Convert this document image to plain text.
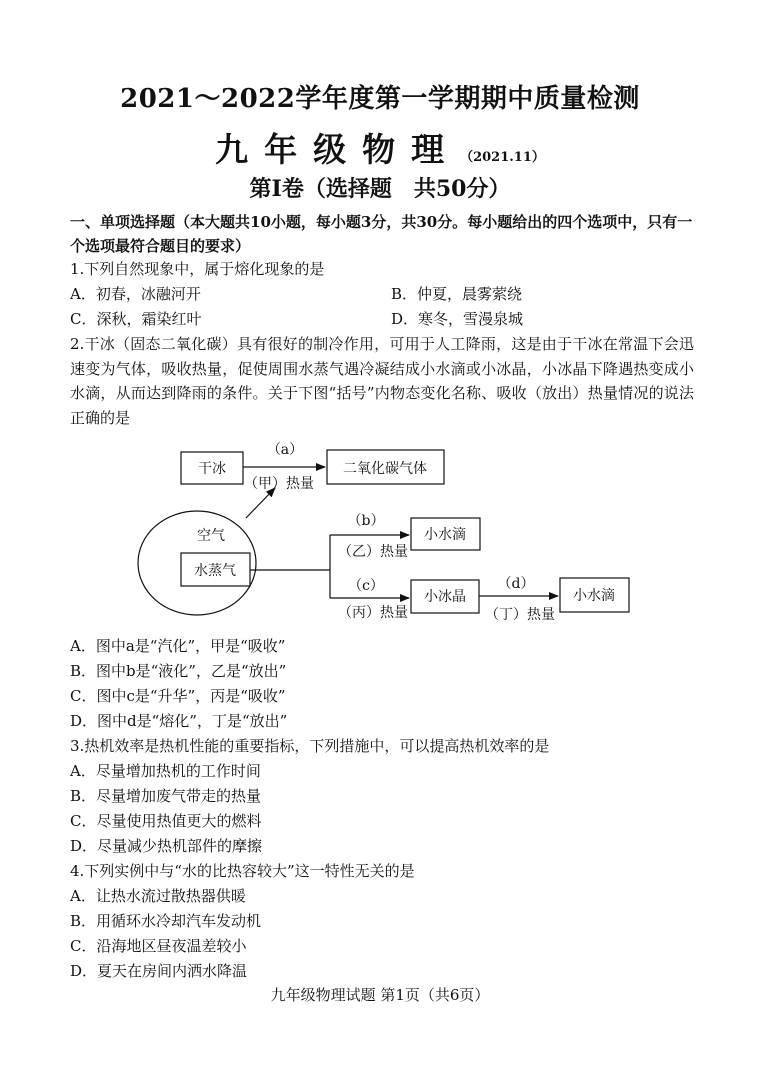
2021～2022学年度第一学期期中质量检测
九年级物理（2021.11）
第Ⅰ卷（选择题　共50分）
一、单项选择题（本大题共10小题，每小题3分，共30分。每小题给出的四个选项中，只有一个选项最符合题目的要求）
1.下列自然现象中，属于熔化现象的是
A．初春，冰融河开	B．仲夏，晨雾萦绕
C．深秋，霜染红叶	D．寒冬，雪漫泉城
2.干冰（固态二氧化碳）具有很好的制冷作用，可用于人工降雨，这是由于干冰在常温下会迅速变为气体，吸收热量，促使周围水蒸气遇冷凝结成小水滴或小冰晶，小冰晶下降遇热变成小水滴，从而达到降雨的条件。关于下图“括号”内物态变化名称、吸收（放出）热量情况的说法正确的是
干冰	二氧化碳气体
（a）
（甲）热量
空气
水蒸气
（b）
（乙）热量
小水滴
（c）
（丙）热量
小冰晶
（d）
（丁）热量
小水滴
A．图中a是“汽化”，甲是“吸收”
B．图中b是“液化”，乙是“放出”
C．图中c是“升华”，丙是“吸收”
D．图中d是“熔化”，丁是“放出”
3.热机效率是热机性能的重要指标，下列措施中，可以提高热机效率的是
A．尽量增加热机的工作时间
B．尽量增加废气带走的热量
C．尽量使用热值更大的燃料
D．尽量减少热机部件的摩擦
4.下列实例中与“水的比热容较大”这一特性无关的是
A．让热水流过散热器供暖
B．用循环水冷却汽车发动机
C．沿海地区昼夜温差较小
D．夏天在房间内洒水降温
九年级物理试题 第1页（共6页）
